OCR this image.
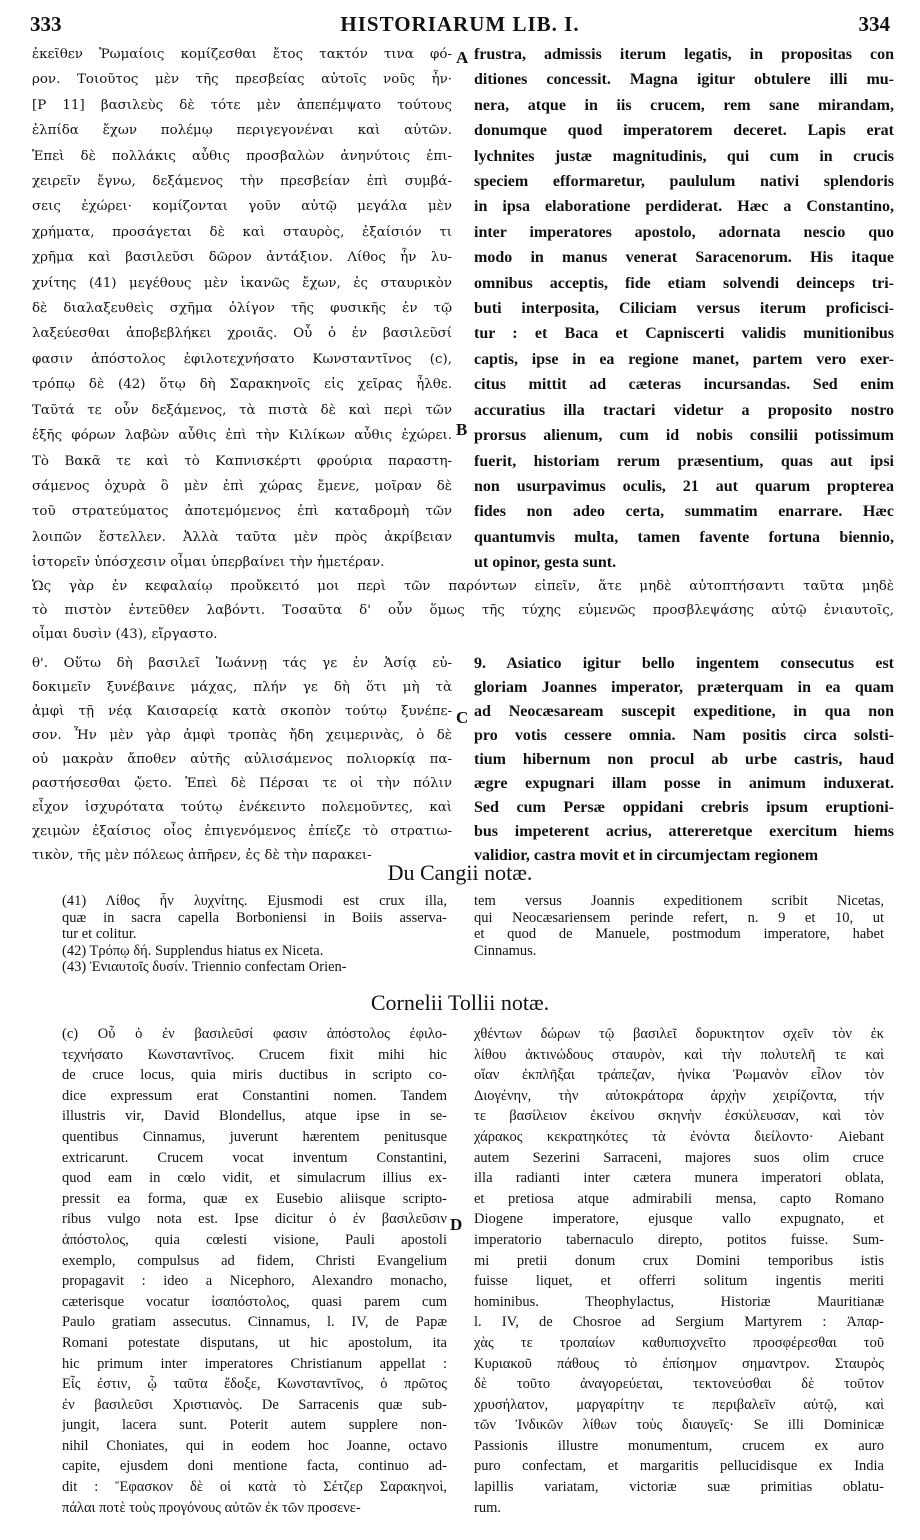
333	HISTORIARUM LIB. I.	334

ἐκεῖθεν Ῥωμαίοις κομίζεσθαι ἔτος τακτόν τινα φό-

ρον. Τοιοῦτος μὲν τῆς πρεσβείας αὐτοῖς νοῦς ἦν·

[P 11] βασιλεὺς δὲ τότε μὲν ἀπεπέμψατο τούτους

ἐλπίδα ἔχων πολέμῳ περιγεγονέναι καὶ αὐτῶν.

Ἐπεὶ δὲ πολλάκις αὖθις προσβαλὼν ἀνηνύτοις ἐπι-

χειρεῖν ἔγνω, δεξάμενος τὴν πρεσβείαν ἐπὶ συμβά-

σεις ἐχώρει· κομίζονται γοῦν αὐτῷ μεγάλα μὲν

χρήματα, προσάγεται δὲ καὶ σταυρὸς, ἐξαίσιόν τι

χρῆμα καὶ βασιλεῦσι δῶρον ἀντάξιον. Λίθος ἦν λυ-

χνίτης (41) μεγέθους μὲν ἱκανῶς ἔχων, ἐς σταυρικὸν

δὲ διαλαξευθεὶς σχῆμα ὀλίγον τῆς φυσικῆς ἐν τῷ

λαξεύεσθαι ἀποβεβλήκει χροιᾶς. Οὗ ὁ ἐν βασιλεῦσί

φασιν ἀπόστολος ἐφιλοτεχνήσατο Κωνσταντῖνος (c),

τρόπῳ δὲ (42) ὅτῳ δὴ Σαρακηνοῖς εἰς χεῖρας ἦλθε.

Ταῦτά τε οὖν δεξάμενος, τὰ πιστὰ δὲ καὶ περὶ τῶν

ἑξῆς φόρων λαβὼν αὖθις ἐπὶ τὴν Κιλίκων αὖθις ἐχώρει.

Τὸ Βακᾶ τε καὶ τὸ Καπνισκέρτι φρούρια παραστη-

σάμενος ὀχυρὰ ὂ μὲν ἐπὶ χώρας ἔμενε, μοῖραν δὲ

τοῦ στρατεύματος ἀποτεμόμενος ἐπὶ καταδρομὴ τῶν

λοιπῶν ἔστελλεν. Ἀλλὰ ταῦτα μὲν πρὸς ἀκρίβειαν

ἱστορεῖν ὑπόσχεσιν οἶμαι ὑπερβαίνει τὴν ἡμετέραν.

frustra, admissis iterum legatis, in propositas con

ditiones concessit. Magna igitur obtulere illi mu-

nera, atque in iis crucem, rem sane mirandam,

donumque quod imperatorem deceret. Lapis erat

lychnites justæ magnitudinis, qui cum in crucis

speciem efformaretur, paululum nativi splendoris

in ipsa elaboratione perdiderat. Hæc a Constantino,

inter imperatores apostolo, adornata nescio quo

modo in manus venerat Saracenorum. His itaque

omnibus acceptis, fide etiam solvendi deinceps tri-

buti interposita, Ciliciam versus iterum proficisci-

tur : et Baca et Capniscerti validis munitionibus

captis, ipse in ea regione manet, partem vero exer-

citus mittit ad cæteras incursandas. Sed enim

accuratius illa tractari videtur a proposito nostro

prorsus alienum, cum id nobis consilii potissimum

fuerit, historiam rerum præsentium, quas aut ipsi

non usurpavimus oculis, 21 aut quarum propterea

fides non adeo certa, summatim enarrare. Hæc

quantumvis multa, tamen favente fortuna biennio,

ut opinor, gesta sunt.

A
B
C
D

Ὡς γὰρ ἐν κεφαλαίῳ προὔκειτό μοι περὶ τῶν παρόντων εἰπεῖν, ἅτε μηδὲ αὐτοπτήσαντι ταῦτα μηδὲ

τὸ πιστὸν ἐντεῦθεν λαβόντι. Τοσαῦτα δ' οὖν ὅμως τῆς τύχης εὐμενῶς προσβλεψάσης αὐτῷ ἐνιαυτοῖς,

οἶμαι δυσὶν (43), εἴργαστο.

θ'. Οὕτω δὴ βασιλεῖ Ἰωάννῃ τάς γε ἐν Ἀσίᾳ εὐ-

δοκιμεῖν ξυνέβαινε μάχας, πλήν γε δὴ ὅτι μὴ τὰ

ἀμφὶ τῇ νέᾳ Καισαρείᾳ κατὰ σκοπὸν τούτῳ ξυνέπε-

σον. Ἦν μὲν γὰρ ἀμφὶ τροπὰς ἤδη χειμερινὰς, ὁ δὲ

οὐ μακρὰν ἄποθεν αὐτῆς αὐλισάμενος πολιορκίᾳ πα-

ραστήσεσθαι ᾤετο. Ἐπεὶ δὲ Πέρσαι τε οἱ τὴν πόλιν

εἶχον ἰσχυρότατα τούτῳ ἐνέκειντο πολεμοῦντες, καὶ

χειμὼν ἐξαίσιος οἷος ἐπιγενόμενος ἐπίεζε τὸ στρατιω-

τικὸν, τῆς μὲν πόλεως ἀπῆρεν, ἐς δὲ τὴν παρακει-

9. Asiatico igitur bello ingentem consecutus est

gloriam Joannes imperator, præterquam in ea quam

ad Neocæsaream suscepit expeditione, in qua non

pro votis cessere omnia. Nam positis circa solsti-

tium hibernum non procul ab urbe castris, haud

ægre expugnari illam posse in animum induxerat.

Sed cum Persæ oppidani crebris ipsum eruptioni-

bus impeterent acrius, attereretque exercitum hiems

validior, castra movit et in circumjectam regionem

Du Cangii notæ.

(41) Λίθος ἦν λυχνίτης. Ejusmodi est crux illa,

quæ in sacra capella Borboniensi in Boiis asserva-

tur et colitur.

(42) Τρόπῳ δή. Supplendus hiatus ex Niceta.

(43) Ἐνιαυτοῖς δυσίν. Triennio confectam Orien-

tem versus Joannis expeditionem scribit Nicetas,

qui Neocæsariensem perinde refert, n. 9 et 10, ut

et quod de Manuele, postmodum imperatore, habet

Cinnamus.

Cornelii Tollii notæ.

(c) Οὗ ὁ ἐν βασιλεῦσί φασιν ἀπόστολος ἐφιλο-

τεχνήσατο Κωνσταντῖνος. Crucem fixit mihi hic

de cruce locus, quia miris ductibus in scripto co-

dice expressum erat Constantini nomen. Tandem

illustris vir, David Blondellus, atque ipse in se-

quentibus Cinnamus, juverunt hærentem penitusque

extricarunt. Crucem vocat inventum Constantini,

quod eam in cœlo vidit, et simulacrum illius ex-

pressit ea forma, quæ ex Eusebio aliisque scripto-

ribus vulgo nota est. Ipse dicitur ὁ ἐν βασιλεῦσιν

ἀπόστολος, quia cœlesti visione, Pauli apostoli

exemplo, compulsus ad fidem, Christi Evangelium

propagavit : ideo a Nicephoro, Alexandro monacho,

cæterisque vocatur ἰσαπόστολος, quasi parem cum

Paulo gratiam assecutus. Cinnamus, l. IV, de Papæ

Romani potestate disputans, ut hic apostolum, ita

hic primum inter imperatores Christianum appellat :

Εἷς ἐστιν, ᾧ ταῦτα ἔδοξε, Κωνσταντῖνος, ὁ πρῶτος

ἐν βασιλεῦσι Χριστιανὸς. De Sarracenis quæ sub-

jungit, lacera sunt. Poterit autem supplere non-

nihil Choniates, qui in eodem hoc Joanne, octavo

capite, ejusdem doni mentione facta, continuo ad-

dit : Ἔφασκον δὲ οἱ κατὰ τὸ Σέτζερ Σαρακηνοὶ,

πάλαι ποτὲ τοὺς προγόνους αὐτῶν ἐκ τῶν προσενε-

χθέντων δώρων τῷ βασιλεῖ δορυκτητον σχεῖν τὸν ἐκ

λίθου ἀκτινώδους σταυρὸν, καὶ τὴν πολυτελῆ τε καὶ

οἵαν ἐκπλῆξαι τράπεζαν, ἡνίκα Ῥωμανὸν εἷλον τὸν

Διογένην, τὴν αὐτοκράτορα ἀρχὴν χειρίζοντα, τήν

τε βασίλειον ἐκείνου σκηνὴν ἐσκύλευσαν, καὶ τὸν

χάρακος κεκρατηκότες τὰ ἐνόντα διείλοντο· Aiebant

autem Sezerini Sarraceni, majores suos olim cruce

illa radianti inter cætera munera imperatori oblata,

et pretiosa atque admirabili mensa, capto Romano

Diogene imperatore, ejusque vallo expugnato, et

imperatorio tabernaculo direpto, potitos fuisse. Sum-

mi pretii donum crux Domini temporibus istis

fuisse liquet, et offerri solitum ingentis meriti

hominibus. Theophylactus, Historiæ Mauritianæ

l. IV, de Chosroe ad Sergium Martyrem : Ἀπαρ-

χὰς τε τροπαίων καθυπισχνεῖτο προσφέρεσθαι τοῦ

Κυριακοῦ πάθους τὸ ἐπίσημον σημαντρον. Σταυρὸς

δὲ τοῦτο ἀναγορεύεται, τεκτονεύσθαι δὲ τοῦτον

χρυσήλατον, μαργαρίτην τε περιβαλεῖν αὐτῷ, καὶ

τῶν Ἰνδικῶν λίθων τοὺς διαυγεῖς· Se illi Dominicæ

Passionis illustre monumentum, crucem ex auro

puro confectam, et margaritis pellucidisque ex India

lapillis variatam, victoriæ suæ primitias oblatu-

rum.
